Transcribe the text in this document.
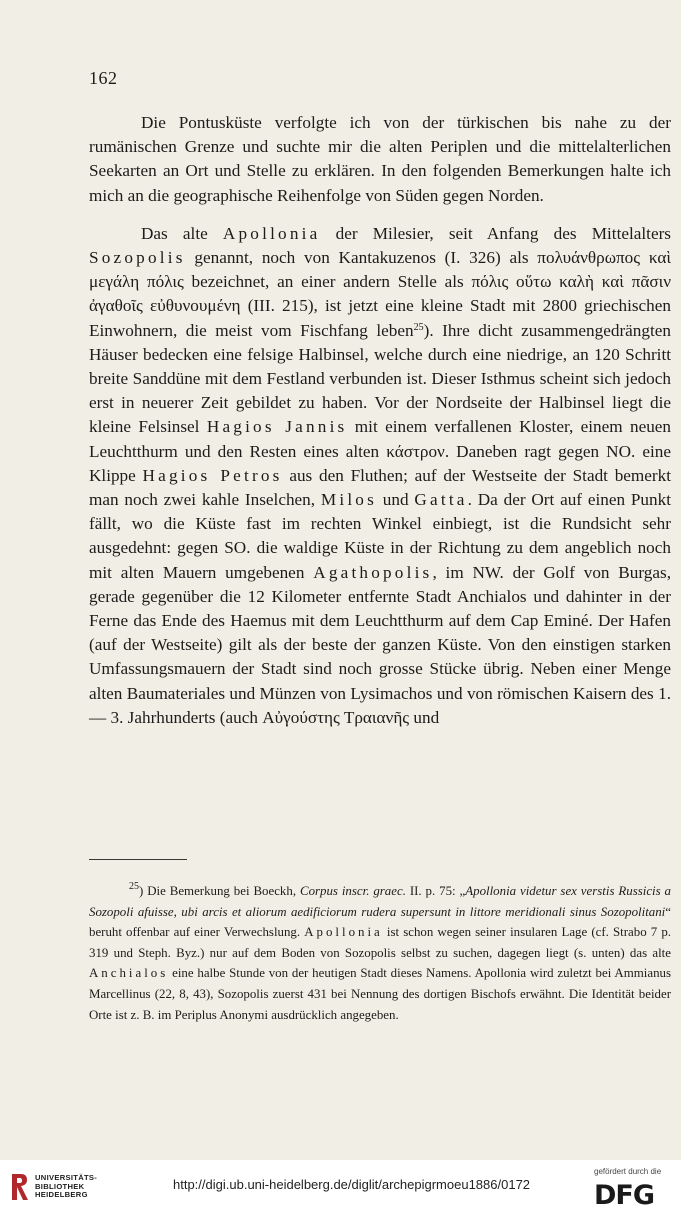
162

Die Pontusküste verfolgte ich von der türkischen bis nahe zu der rumänischen Grenze und suchte mir die alten Periplen und die mittelalterlichen Seekarten an Ort und Stelle zu erklären. In den folgenden Bemerkungen halte ich mich an die geographische Reihenfolge von Süden gegen Norden.

Das alte Apollonia der Milesier, seit Anfang des Mittelalters Sozopolis genannt, noch von Kantakuzenos (I. 326) als πολυάνθρωπος καὶ μεγάλη πόλις bezeichnet, an einer andern Stelle als πόλις οὕτω καλὴ καὶ πᾶσιν ἀγαθοῖς εὐθυνουμένη (III. 215), ist jetzt eine kleine Stadt mit 2800 griechischen Einwohnern, die meist vom Fischfang leben$^{25}$). Ihre dicht zusammengedrängten Häuser bedecken eine felsige Halbinsel, welche durch eine niedrige, an 120 Schritt breite Sanddüne mit dem Festland verbunden ist. Dieser Isthmus scheint sich jedoch erst in neuerer Zeit gebildet zu haben. Vor der Nordseite der Halbinsel liegt die kleine Felsinsel Hagios Jannis mit einem verfallenen Kloster, einem neuen Leuchtthurm und den Resten eines alten κάστρον. Daneben ragt gegen NO. eine Klippe Hagios Petros aus den Fluthen; auf der Westseite der Stadt bemerkt man noch zwei kahle Inselchen, Milos und Gatta. Da der Ort auf einen Punkt fällt, wo die Küste fast im rechten Winkel einbiegt, ist die Rundsicht sehr ausgedehnt: gegen SO. die waldige Küste in der Richtung zu dem angeblich noch mit alten Mauern umgebenen Agathopolis, im NW. der Golf von Burgas, gerade gegenüber die 12 Kilometer entfernte Stadt Anchialos und dahinter in der Ferne das Ende des Haemus mit dem Leuchtthurm auf dem Cap Eminé. Der Hafen (auf der Westseite) gilt als der beste der ganzen Küste. Von den einstigen starken Umfassungsmauern der Stadt sind noch grosse Stücke übrig. Neben einer Menge alten Baumateriales und Münzen von Lysimachos und von römischen Kaisern des 1. — 3. Jahrhunderts (auch Αὐγούστης Τραιανῆς und

$^{25}$) Die Bemerkung bei Boeckh, Corpus inscr. graec. II. p. 75: „Apollonia videtur sex verstis Russicis a Sozopoli afuisse, ubi arcis et aliorum aedificiorum rudera supersunt in littore meridionali sinus Sozopolitani“ beruht offenbar auf einer Verwechslung. Apollonia ist schon wegen seiner insularen Lage (cf. Strabo 7 p. 319 und Steph. Byz.) nur auf dem Boden von Sozopolis selbst zu suchen, dagegen liegt (s. unten) das alte Anchialos eine halbe Stunde von der heutigen Stadt dieses Namens. Apollonia wird zuletzt bei Ammianus Marcellinus (22, 8, 43), Sozopolis zuerst 431 bei Nennung des dortigen Bischofs erwähnt. Die Identität beider Orte ist z. B. im Periplus Anonymi ausdrücklich angegeben.

UNIVERSITÄTS-
BIBLIOTHEK
HEIDELBERG
http://digi.ub.uni-heidelberg.de/diglit/archepigrmoeu1886/0172
gefördert durch die
DFG
